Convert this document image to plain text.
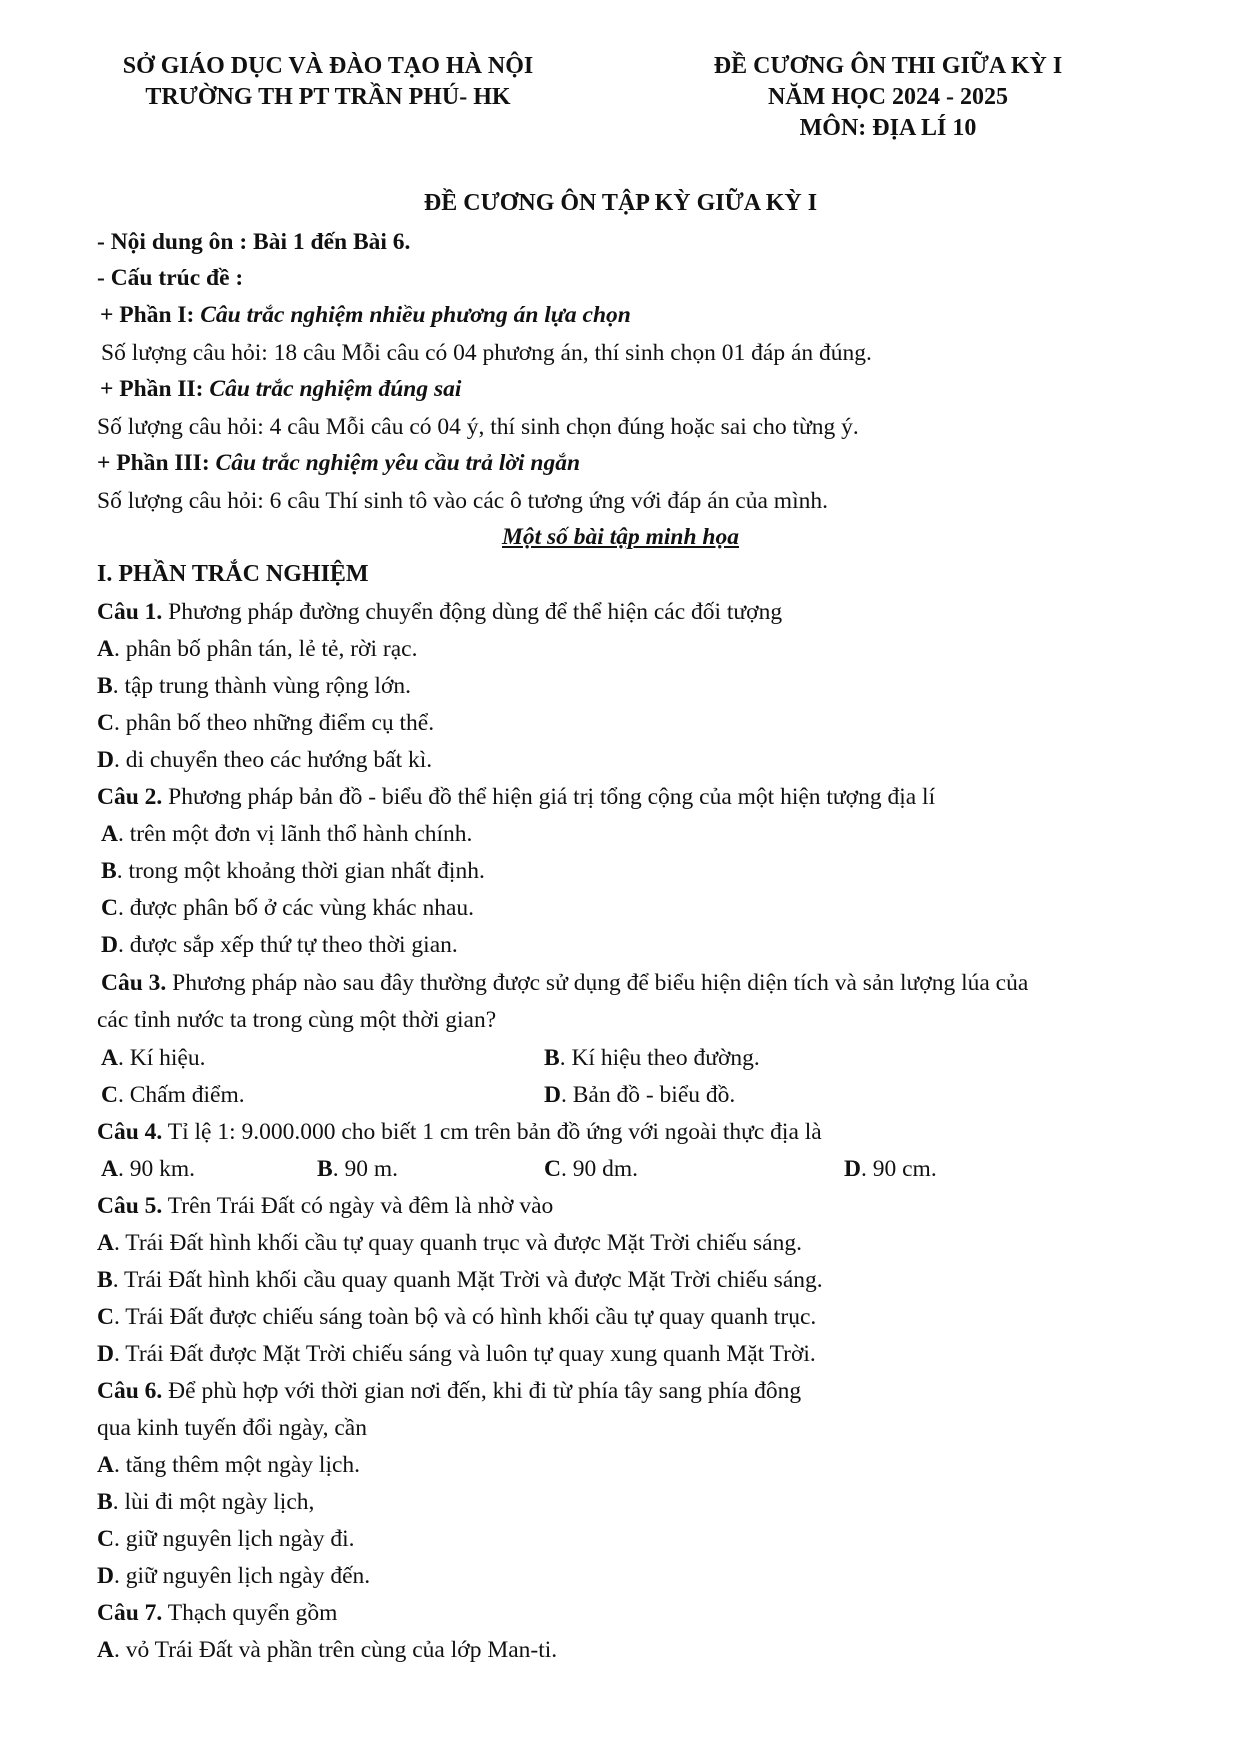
SỞ GIÁO DỤC VÀ ĐÀO TẠO HÀ NỘI
TRƯỜNG TH PT TRẦN PHÚ- HK
ĐỀ CƯƠNG ÔN THI GIỮA KỲ I
NĂM HỌC 2024 - 2025
MÔN: ĐỊA LÍ 10
ĐỀ CƯƠNG ÔN TẬP KỲ GIỮA KỲ I
- Nội dung ôn : Bài 1 đến Bài 6.
- Cấu trúc đề :
+ Phần I: Câu trắc nghiệm nhiều phương án lựa chọn
Số lượng câu hỏi: 18 câu Mỗi câu có 04 phương án, thí sinh chọn 01 đáp án đúng.
+ Phần II: Câu trắc nghiệm đúng sai
Số lượng câu hỏi: 4 câu Mỗi câu có 04 ý, thí sinh chọn đúng hoặc sai cho từng ý.
+ Phần III: Câu trắc nghiệm yêu cầu trả lời ngắn
Số lượng câu hỏi: 6 câu Thí sinh tô vào các ô tương ứng với đáp án của mình.
Một số bài tập minh họa
I. PHẦN TRẮC NGHIỆM
Câu 1. Phương pháp đường chuyển động dùng để thể hiện các đối tượng
A. phân bố phân tán, lẻ tẻ, rời rạc.
B. tập trung thành vùng rộng lớn.
C. phân bố theo những điểm cụ thể.
D. di chuyển theo các hướng bất kì.
Câu 2. Phương pháp bản đồ - biểu đồ thể hiện giá trị tổng cộng của một hiện tượng địa lí
A. trên một đơn vị lãnh thổ hành chính.
B. trong một khoảng thời gian nhất định.
C. được phân bố ở các vùng khác nhau.
D. được sắp xếp thứ tự theo thời gian.
Câu 3. Phương pháp nào sau đây thường được sử dụng để biểu hiện diện tích và sản lượng lúa của
các tỉnh nước ta trong cùng một thời gian?
A. Kí hiệu.	B. Kí hiệu theo đường.
C. Chấm điểm.	D. Bản đồ - biểu đồ.
Câu 4. Tỉ lệ 1: 9.000.000 cho biết 1 cm trên bản đồ ứng với ngoài thực địa là
A. 90 km.	B. 90 m.	C. 90 dm.	D. 90 cm.
Câu 5. Trên Trái Đất có ngày và đêm là nhờ vào
A. Trái Đất hình khối cầu tự quay quanh trục và được Mặt Trời chiếu sáng.
B. Trái Đất hình khối cầu quay quanh Mặt Trời và được Mặt Trời chiếu sáng.
C. Trái Đất được chiếu sáng toàn bộ và có hình khối cầu tự quay quanh trục.
D. Trái Đất được Mặt Trời chiếu sáng và luôn tự quay xung quanh Mặt Trời.
Câu 6. Để phù hợp với thời gian nơi đến, khi đi từ phía tây sang phía đông
qua kinh tuyến đổi ngày, cần
A. tăng thêm một ngày lịch.
B. lùi đi một ngày lịch,
C. giữ nguyên lịch ngày đi.
D. giữ nguyên lịch ngày đến.
Câu 7. Thạch quyển gồm
A. vỏ Trái Đất và phần trên cùng của lớp Man-ti.
